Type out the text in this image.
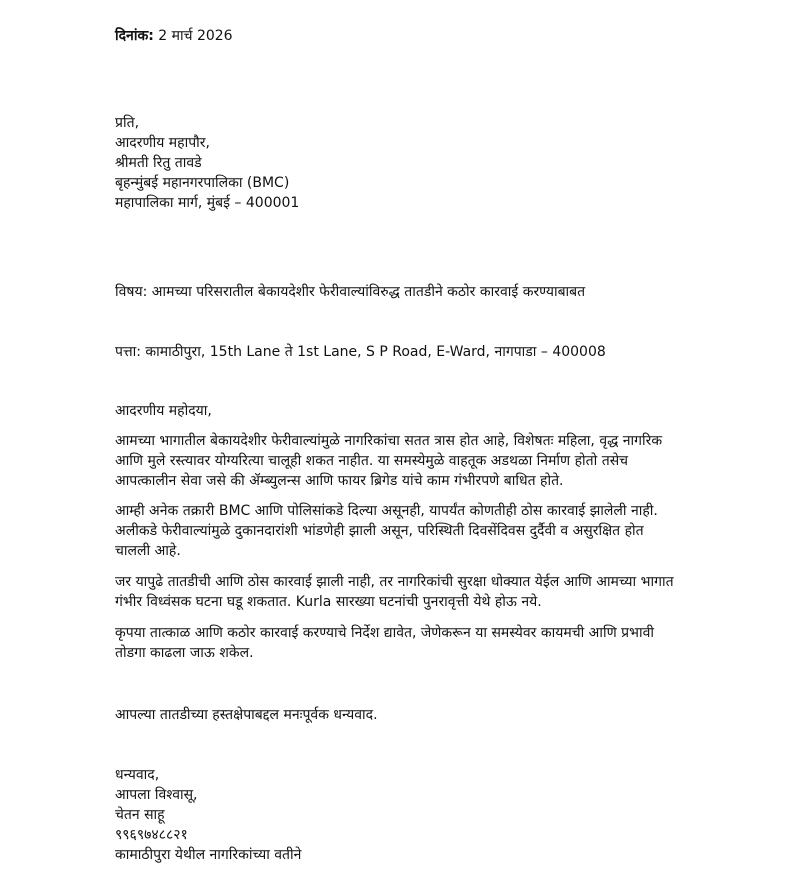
दिनांक: 2 मार्च 2026
प्रति,
आदरणीय महापौर,
श्रीमती रितु तावडे
बृहन्मुंबई महानगरपालिका (BMC)
महापालिका मार्ग, मुंबई – 400001
विषय: आमच्या परिसरातील बेकायदेशीर फेरीवाल्यांविरुद्ध तातडीने कठोर कारवाई करण्याबाबत
पत्ता: कामाठीपुरा, 15th Lane ते 1st Lane, S P Road, E-Ward, नागपाडा – 400008
आदरणीय महोदया,
आमच्या भागातील बेकायदेशीर फेरीवाल्यांमुळे नागरिकांचा सतत त्रास होत आहे, विशेषतः महिला, वृद्ध नागरिक आणि मुले रस्त्यावर योग्यरित्या चालूही शकत नाहीत. या समस्येमुळे वाहतूक अडथळा निर्माण होतो तसेच आपत्कालीन सेवा जसे की ॲम्ब्युलन्स आणि फायर ब्रिगेड यांचे काम गंभीरपणे बाधित होते.
आम्ही अनेक तक्रारी BMC आणि पोलिसांकडे दिल्या असूनही, यापर्यंत कोणतीही ठोस कारवाई झालेली नाही. अलीकडे फेरीवाल्यांमुळे दुकानदारांशी भांडणेही झाली असून, परिस्थिती दिवसेंदिवस दुर्दैवी व असुरक्षित होत चालली आहे.
जर यापुढे तातडीची आणि ठोस कारवाई झाली नाही, तर नागरिकांची सुरक्षा धोक्यात येईल आणि आमच्या भागात गंभीर विध्वंसक घटना घडू शकतात. Kurla सारख्या घटनांची पुनरावृत्ती येथे होऊ नये.
कृपया तात्काळ आणि कठोर कारवाई करण्याचे निर्देश द्यावेत, जेणेकरून या समस्येवर कायमची आणि प्रभावी तोडगा काढला जाऊ शकेल.
आपल्या तातडीच्या हस्तक्षेपाबद्दल मनःपूर्वक धन्यवाद.
धन्यवाद,
आपला विश्वासू,
चेतन साहू
९९६९७४८८२१
कामाठीपुरा येथील नागरिकांच्या वतीने
